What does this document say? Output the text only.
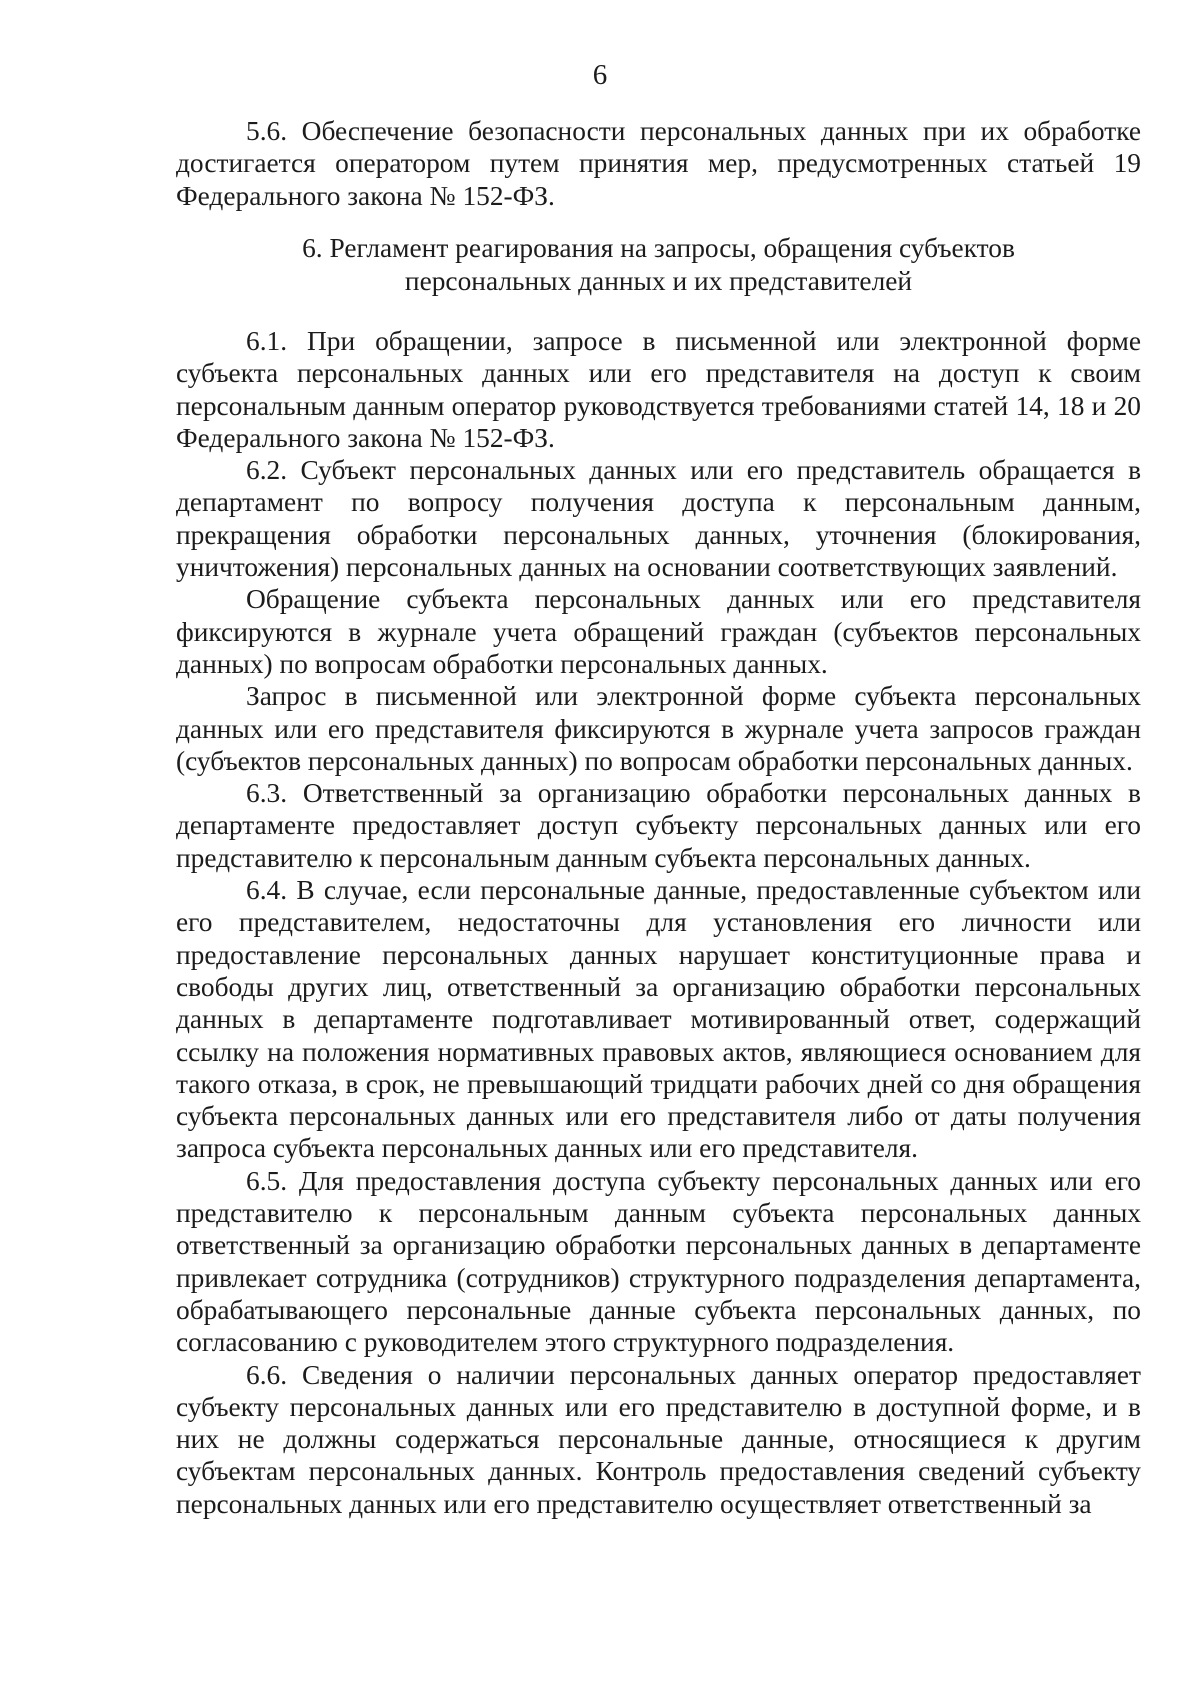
6

5.6. Обеспечение безопасности персональных данных при их обработке достигается оператором путем принятия мер, предусмотренных статьей 19 Федерального закона № 152-ФЗ.

6. Регламент реагирования на запросы, обращения субъектов
персональных данных и их представителей

6.1. При обращении, запросе в письменной или электронной форме субъекта персональных данных или его представителя на доступ к своим персональным данным оператор руководствуется требованиями статей 14, 18 и 20 Федерального закона № 152-ФЗ.

6.2. Субъект персональных данных или его представитель обращается в департамент по вопросу получения доступа к персональным данным, прекращения обработки персональных данных, уточнения (блокирования, уничтожения) персональных данных на основании соответствующих заявлений.

Обращение субъекта персональных данных или его представителя фиксируются в журнале учета обращений граждан (субъектов персональных данных) по вопросам обработки персональных данных.

Запрос в письменной или электронной форме субъекта персональных данных или его представителя фиксируются в журнале учета запросов граждан (субъектов персональных данных) по вопросам обработки персональных данных.

6.3. Ответственный за организацию обработки персональных данных в департаменте предоставляет доступ субъекту персональных данных или его представителю к персональным данным субъекта персональных данных.

6.4. В случае, если персональные данные, предоставленные субъектом или его представителем, недостаточны для установления его личности или предоставление персональных данных нарушает конституционные права и свободы других лиц, ответственный за организацию обработки персональных данных в департаменте подготавливает мотивированный ответ, содержащий ссылку на положения нормативных правовых актов, являющиеся основанием для такого отказа, в срок, не превышающий тридцати рабочих дней со дня обращения субъекта персональных данных или его представителя либо от даты получения запроса субъекта персональных данных или его представителя.

6.5. Для предоставления доступа субъекту персональных данных или его представителю к персональным данным субъекта персональных данных ответственный за организацию обработки персональных данных в департаменте привлекает сотрудника (сотрудников) структурного подразделения департамента, обрабатывающего персональные данные субъекта персональных данных, по согласованию с руководителем этого структурного подразделения.

6.6. Сведения о наличии персональных данных оператор предоставляет субъекту персональных данных или его представителю в доступной форме, и в них не должны содержаться персональные данные, относящиеся к другим субъектам персональных данных. Контроль предоставления сведений субъекту персональных данных или его представителю осуществляет ответственный за
